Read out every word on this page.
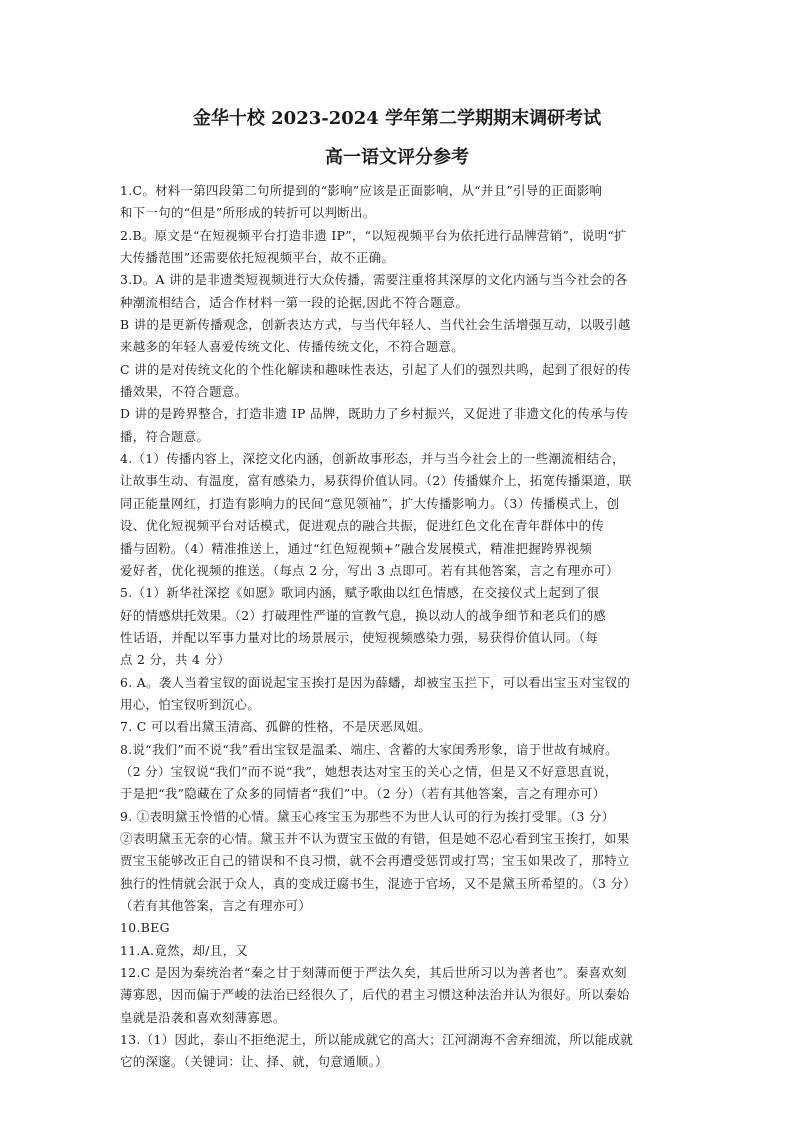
金华十校 2023-2024 学年第二学期期末调研考试
高一语文评分参考
1.C。材料一第四段第二句所提到的“影响”应该是正面影响，从“并且”引导的正面影响
和下一句的“但是”所形成的转折可以判断出。
2.B。原文是“在短视频平台打造非遗 IP”，“以短视频平台为依托进行品牌营销”，说明“扩
大传播范围”还需要依托短视频平台，故不正确。
3.D。A 讲的是非遗类短视频进行大众传播，需要注重将其深厚的文化内涵与当今社会的各
种潮流相结合，适合作材料一第一段的论据,因此不符合题意。
B 讲的是更新传播观念，创新表达方式，与当代年轻人、当代社会生活增强互动，以吸引越
来越多的年轻人喜爱传统文化、传播传统文化，不符合题意。
C 讲的是对传统文化的个性化解读和趣味性表达，引起了人们的强烈共鸣，起到了很好的传
播效果，不符合题意。
D 讲的是跨界整合，打造非遗 IP 品牌，既助力了乡村振兴，又促进了非遗文化的传承与传
播，符合题意。
4.（1）传播内容上，深挖文化内涵，创新故事形态，并与当今社会上的一些潮流相结合，
让故事生动、有温度，富有感染力，易获得价值认同。（2）传播媒介上，拓宽传播渠道，联
同正能量网红，打造有影响力的民间“意见领袖”，扩大传播影响力。（3）传播模式上，创
设、优化短视频平台对话模式，促进观点的融合共振，促进红色文化在青年群体中的传
播与固粉。（4）精准推送上，通过“红色短视频+”融合发展模式，精准把握跨界视频
爱好者，优化视频的推送。（每点 2 分，写出 3 点即可。若有其他答案，言之有理亦可）
5.（1）新华社深挖《如愿》歌词内涵，赋予歌曲以红色情感，在交接仪式上起到了很
好的情感烘托效果。（2）打破理性严谨的宣教气息，换以动人的战争细节和老兵们的感
性话语，并配以军事力量对比的场景展示，使短视频感染力强，易获得价值认同。（每
点 2 分，共 4 分）
6. A。袭人当着宝钗的面说起宝玉挨打是因为薛蟠，却被宝玉拦下，可以看出宝玉对宝钗的
用心，怕宝钗听到沉心。
7. C 可以看出黛玉清高、孤僻的性格，不是厌恶凤姐。
8.说“我们”而不说“我”看出宝钗是温柔、端庄、含蓄的大家闺秀形象，谙于世故有城府。
（2 分）宝钗说“我们”而不说“我”，她想表达对宝玉的关心之情，但是又不好意思直说，
于是把“我”隐藏在了众多的同情者“我们”中。（2 分）（若有其他答案，言之有理亦可）
9. ①表明黛玉怜惜的心情。黛玉心疼宝玉为那些不为世人认可的行为挨打受罪。（3 分）
②表明黛玉无奈的心情。黛玉并不认为贾宝玉做的有错，但是她不忍心看到宝玉挨打，如果
贾宝玉能够改正自己的错误和不良习惯，就不会再遭受惩罚或打骂；宝玉如果改了，那特立
独行的性情就会泯于众人，真的变成迂腐书生，混迹于官场，又不是黛玉所希望的。（3 分）
（若有其他答案，言之有理亦可）
10.BEG
11.A.竟然，却/且，又
12.C 是因为秦统治者“秦之甘于刻薄而便于严法久矣，其后世所习以为善者也”。秦喜欢刻
薄寡恩，因而偏于严峻的法治已经很久了，后代的君主习惯这种法治并认为很好。所以秦始
皇就是沿袭和喜欢刻薄寡恩。
13.（1）因此，泰山不拒绝泥土，所以能成就它的高大；江河湖海不舍弃细流，所以能成就
它的深邃。（关键词：让、择、就，句意通顺。）
